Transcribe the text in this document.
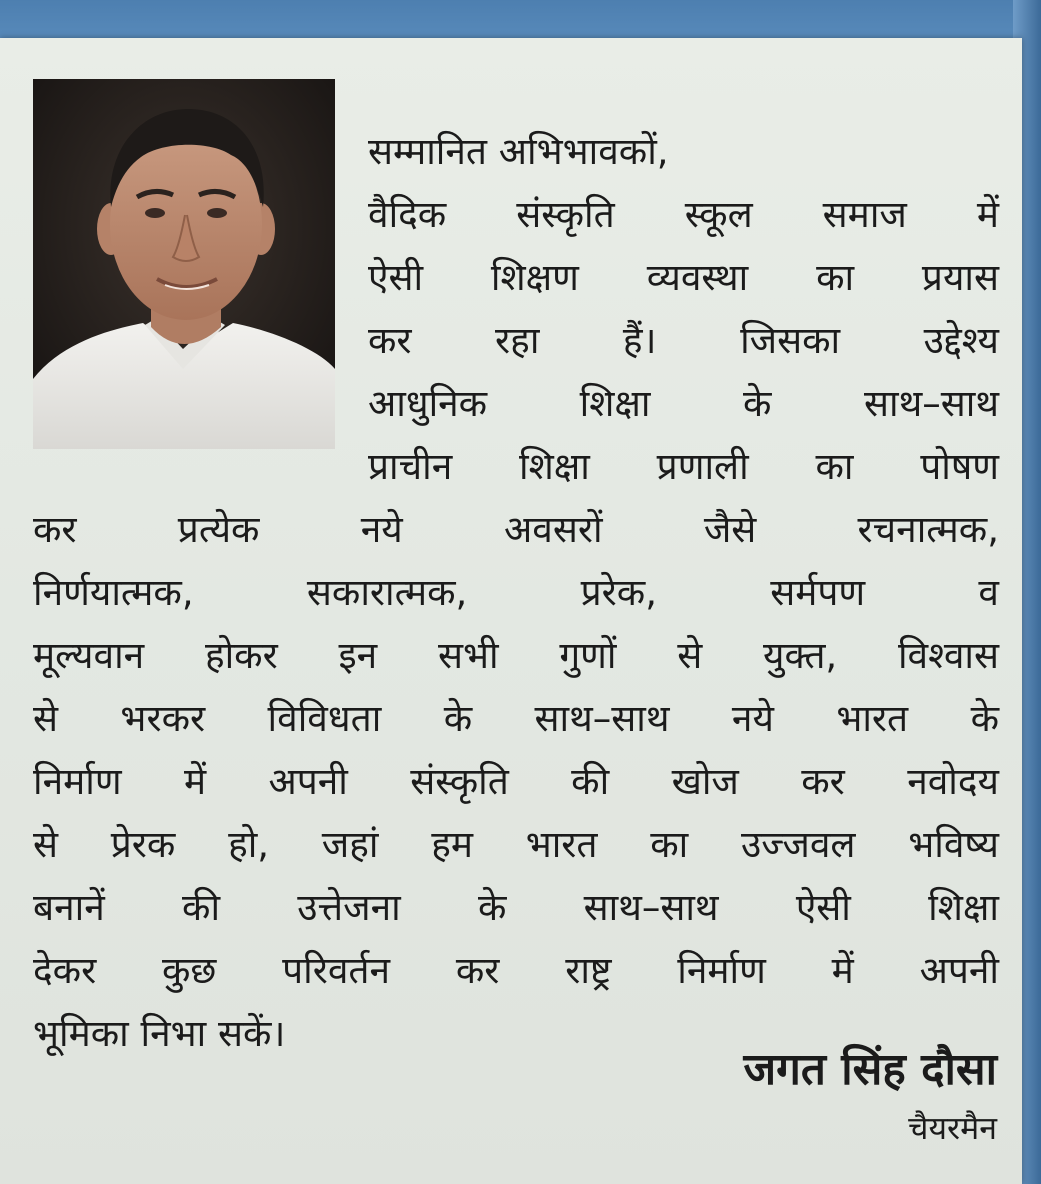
सम्मानित अभिभावकों,
वैदिक संस्कृति स्कूल समाज में
ऐसी शिक्षण व्यवस्था का प्रयास
कर रहा हैं। जिसका उद्देश्य
आधुनिक शिक्षा के साथ–साथ
प्राचीन शिक्षा प्रणाली का पोषण
कर प्रत्येक नये अवसरों जैसे रचनात्मक,
निर्णयात्मक, सकारात्मक, प्ररेक, सर्मपण व
मूल्यवान होकर इन सभी गुणों से युक्त, विश्वास
से भरकर विविधता के साथ–साथ नये भारत के
निर्माण में अपनी संस्कृति की खोज कर नवोदय
से प्रेरक हो, जहां हम भारत का उज्जवल भविष्य
बनानें की उत्तेजना के साथ–साथ ऐसी शिक्षा
देकर कुछ परिवर्तन कर राष्ट्र निर्माण में अपनी
भूमिका निभा सकें।
जगत सिंह दौसा
चैयरमैन
